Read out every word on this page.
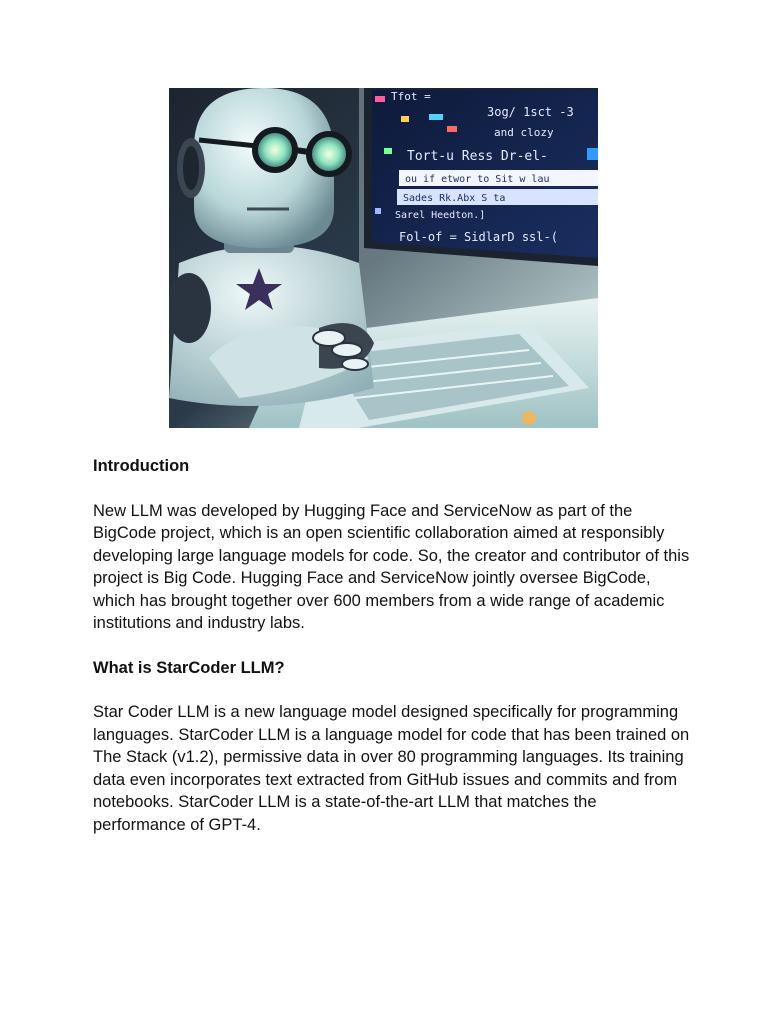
Tfot =
3og/ 1sct -3
and clozy
Tort-u Ress Dr-el-
ou if etwor to Sit w lau
Sades Rk.Abx S ta
Sarel Heedton.]
Fol-of = SidlarD ssl-(

Introduction

New LLM was developed by Hugging Face and ServiceNow as part of the BigCode project, which is an open scientific collaboration aimed at responsibly developing large language models for code. So, the creator and contributor of this project is Big Code. Hugging Face and ServiceNow jointly oversee BigCode, which has brought together over 600 members from a wide range of academic institutions and industry labs.

What is StarCoder LLM?

Star Coder LLM is a new language model designed specifically for programming languages. StarCoder LLM is a language model for code that has been trained on The Stack (v1.2), permissive data in over 80 programming languages. Its training data even incorporates text extracted from GitHub issues and commits and from notebooks. StarCoder LLM is a state-of-the-art LLM that matches the performance of GPT-4.
